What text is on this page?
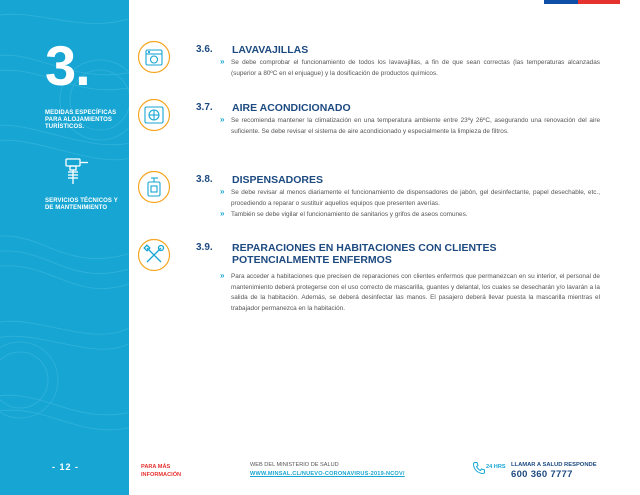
3.
MEDIDAS ESPECÍFICAS PARA ALOJAMIENTOS TURÍSTICOS.
SERVICIOS TÉCNICOS Y DE MANTENIMIENTO
- 12 -
3.6. LAVAVAJILLAS
» Se debe comprobar el funcionamiento de todos los lavavajillas, a fin de que sean correctas (las temperaturas alcanzadas (superior a 80ºC en el enjuague) y la dosificación de productos químicos.
3.7. AIRE ACONDICIONADO
» Se recomienda mantener la climatización en una temperatura ambiente entre 23ºy 26ºC, asegurando una renovación del aire suficiente. Se debe revisar el sistema de aire acondicionado y especialmente la limpieza de filtros.
3.8. DISPENSADORES
» Se debe revisar al menos diariamente el funcionamiento de dispensadores de jabón, gel desinfectante, papel desechable, etc., procediendo a reparar o sustituir aquellos equipos que presenten averías.
» También se debe vigilar el funcionamiento de sanitarios y grifos de aseos comunes.
3.9. REPARACIONES EN HABITACIONES CON CLIENTES POTENCIALMENTE ENFERMOS
» Para acceder a habitaciones que precisen de reparaciones con clientes enfermos que permanezcan en su interior, el personal de mantenimiento deberá protegerse con el uso correcto de mascarilla, guantes y delantal, los cuales se desecharán y/o lavarán a la salida de la habitación. Además, se deberá desinfectar las manos. El pasajero deberá llevar puesta la mascarilla mientras el trabajador permanezca en la habitación.
PARA MÁS INFORMACIÓN
WEB DEL MINISTERIO DE SALUD
WWW.MINSAL.CL/NUEVO-CORONAVIRUS-2019-NCOV/
24 HRS LLAMAR A SALUD RESPONDE
600 360 7777
